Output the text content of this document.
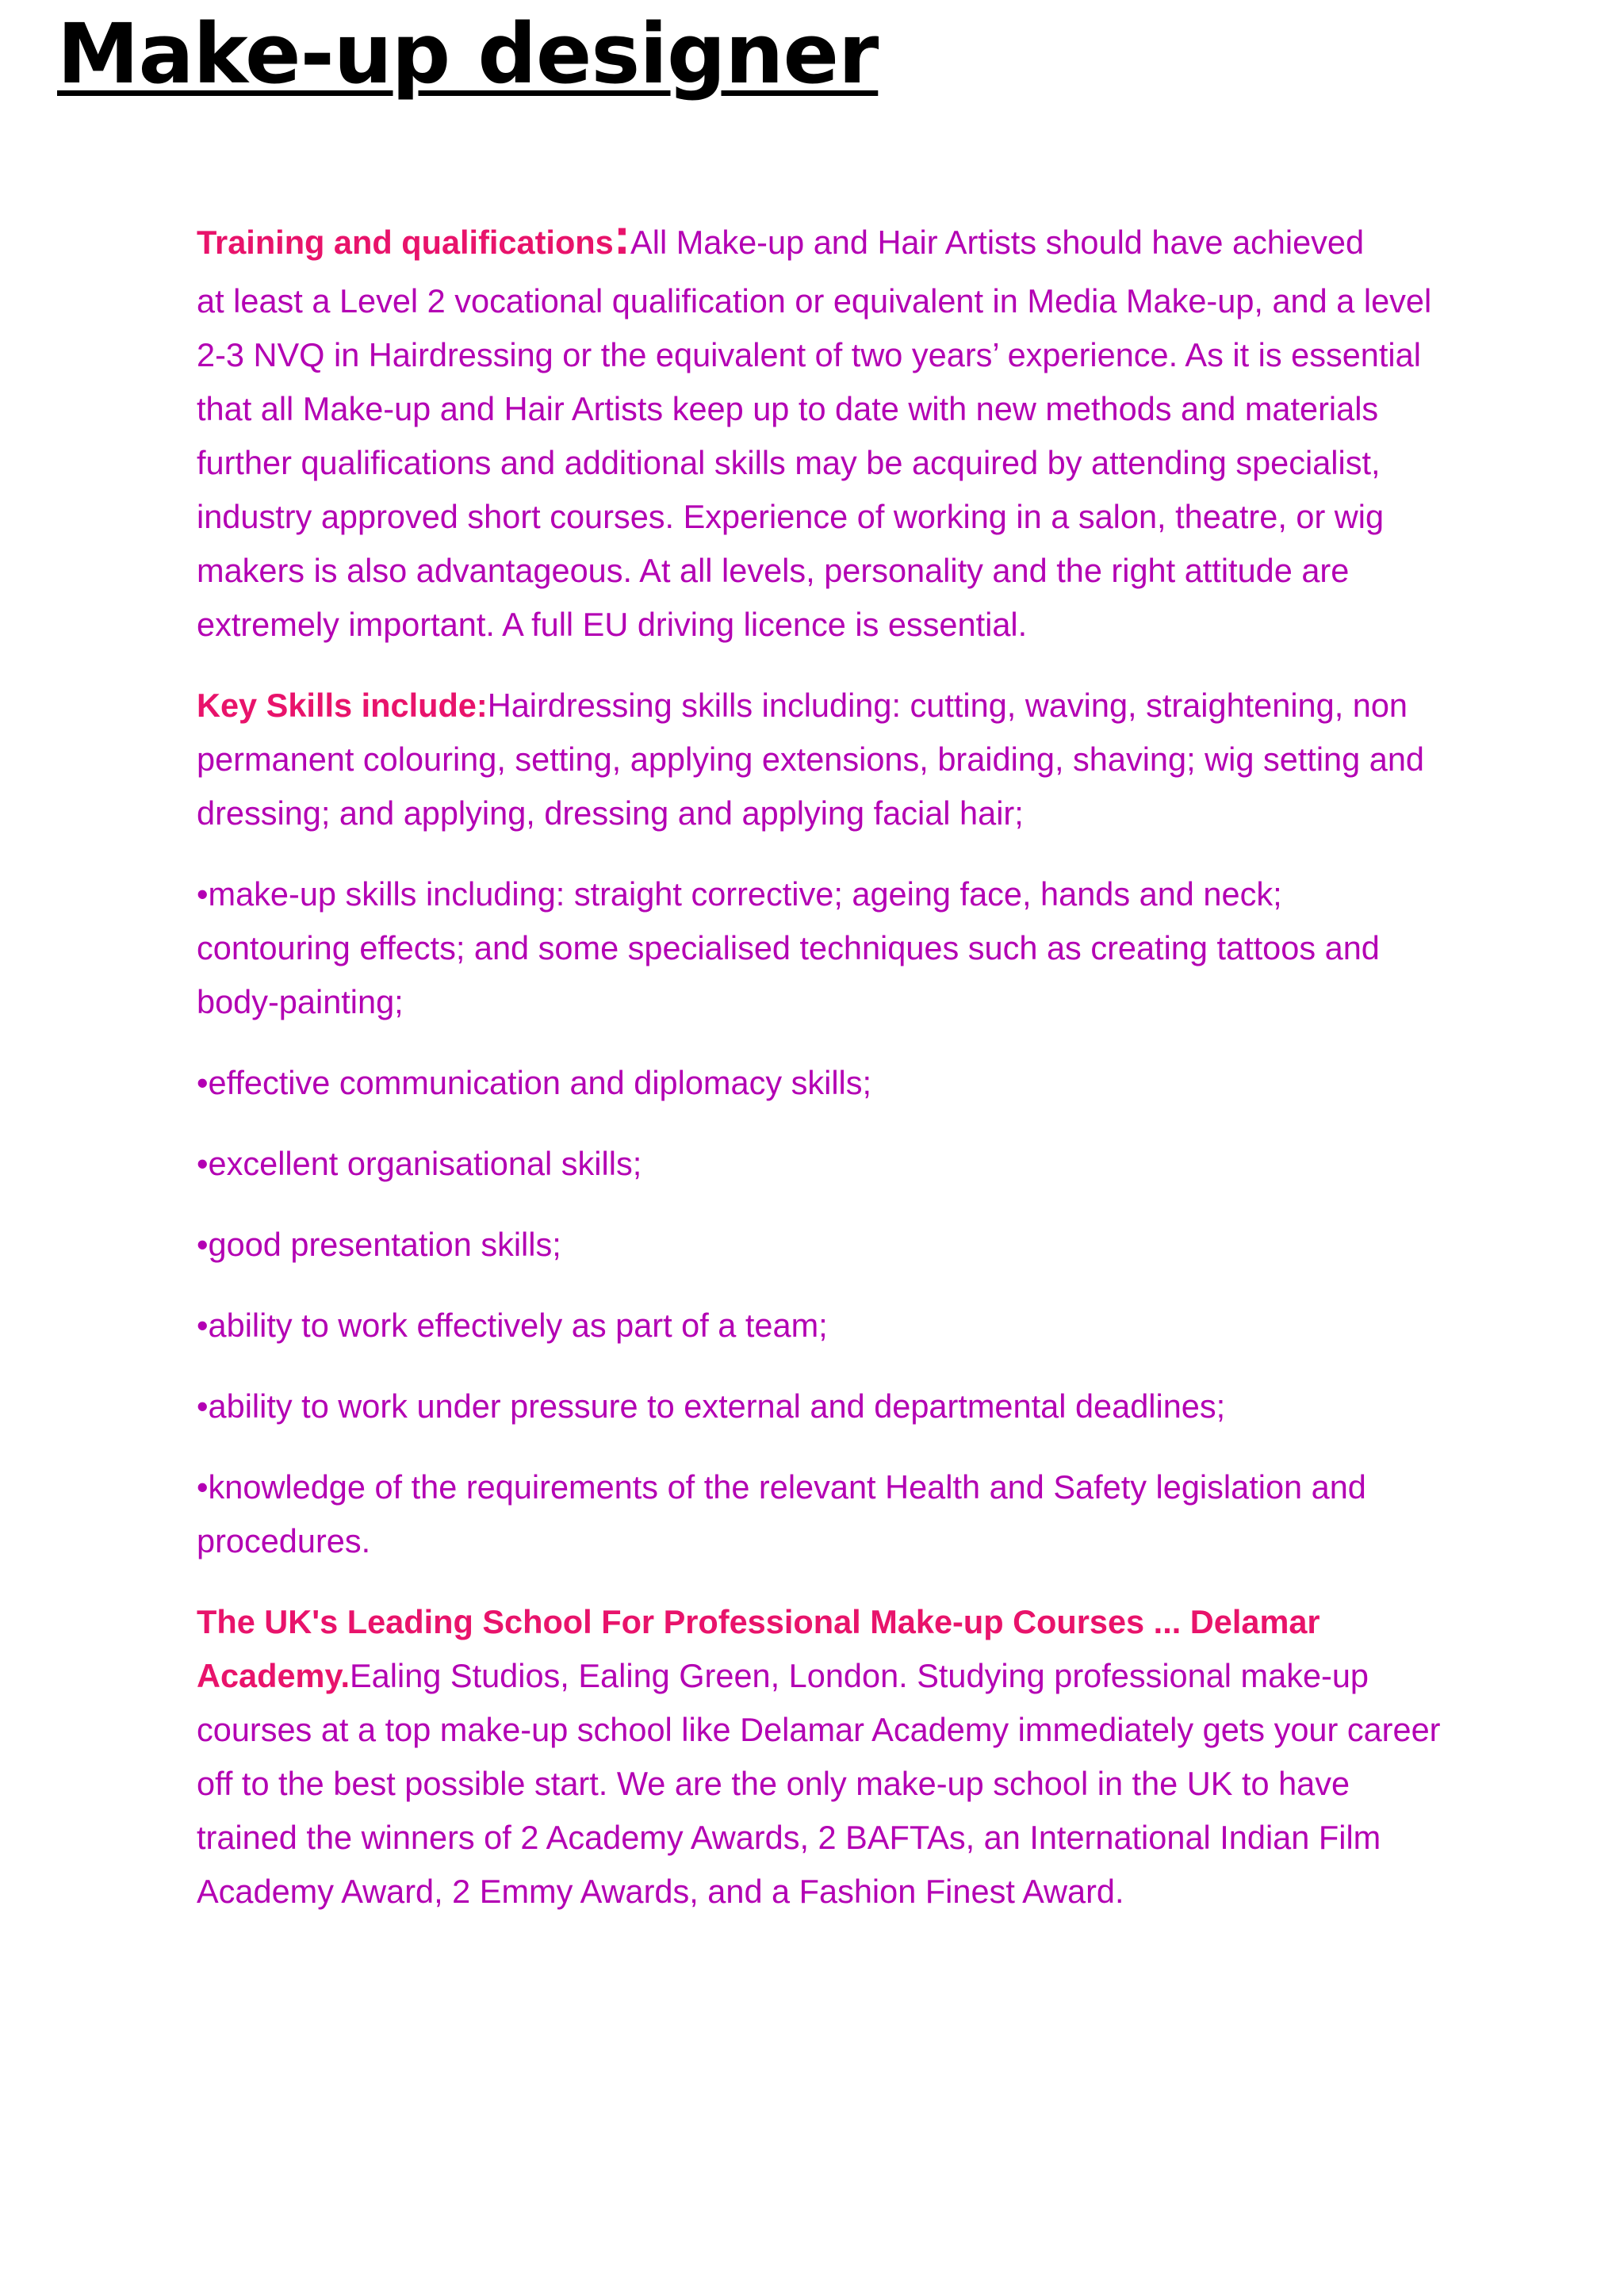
Make-up designer

Training and qualifications:All Make-up and Hair Artists should have achieved
at least a Level 2 vocational qualification or equivalent in Media Make-up, and a level 2-3 NVQ in Hairdressing or the equivalent of two years’ experience. As it is essential that all Make-up and Hair Artists keep up to date with new methods and materials further qualifications and additional skills may be acquired by attending specialist, industry approved short courses. Experience of working in a salon, theatre, or wig makers is also advantageous. At all levels, personality and the right attitude are extremely important. A full EU driving licence is essential.

Key Skills include:Hairdressing skills including: cutting, waving, straightening, non permanent colouring, setting, applying extensions, braiding, shaving; wig setting and dressing; and applying, dressing and applying facial hair;

•make-up skills including: straight corrective; ageing face, hands and neck; contouring effects; and some specialised techniques such as creating tattoos and body-painting;

•effective communication and diplomacy skills;

•excellent organisational skills;

•good presentation skills;

•ability to work effectively as part of a team;

•ability to work under pressure to external and departmental deadlines;

•knowledge of the requirements of the relevant Health and Safety legislation and procedures.

The UK's Leading School For Professional Make-up Courses ... Delamar Academy.Ealing Studios, Ealing Green, London. Studying professional make-up courses at a top make-up school like Delamar Academy immediately gets your career off to the best possible start. We are the only make-up school in the UK to have trained the winners of 2 Academy Awards, 2 BAFTAs, an International Indian Film Academy Award, 2 Emmy Awards, and a Fashion Finest Award.
